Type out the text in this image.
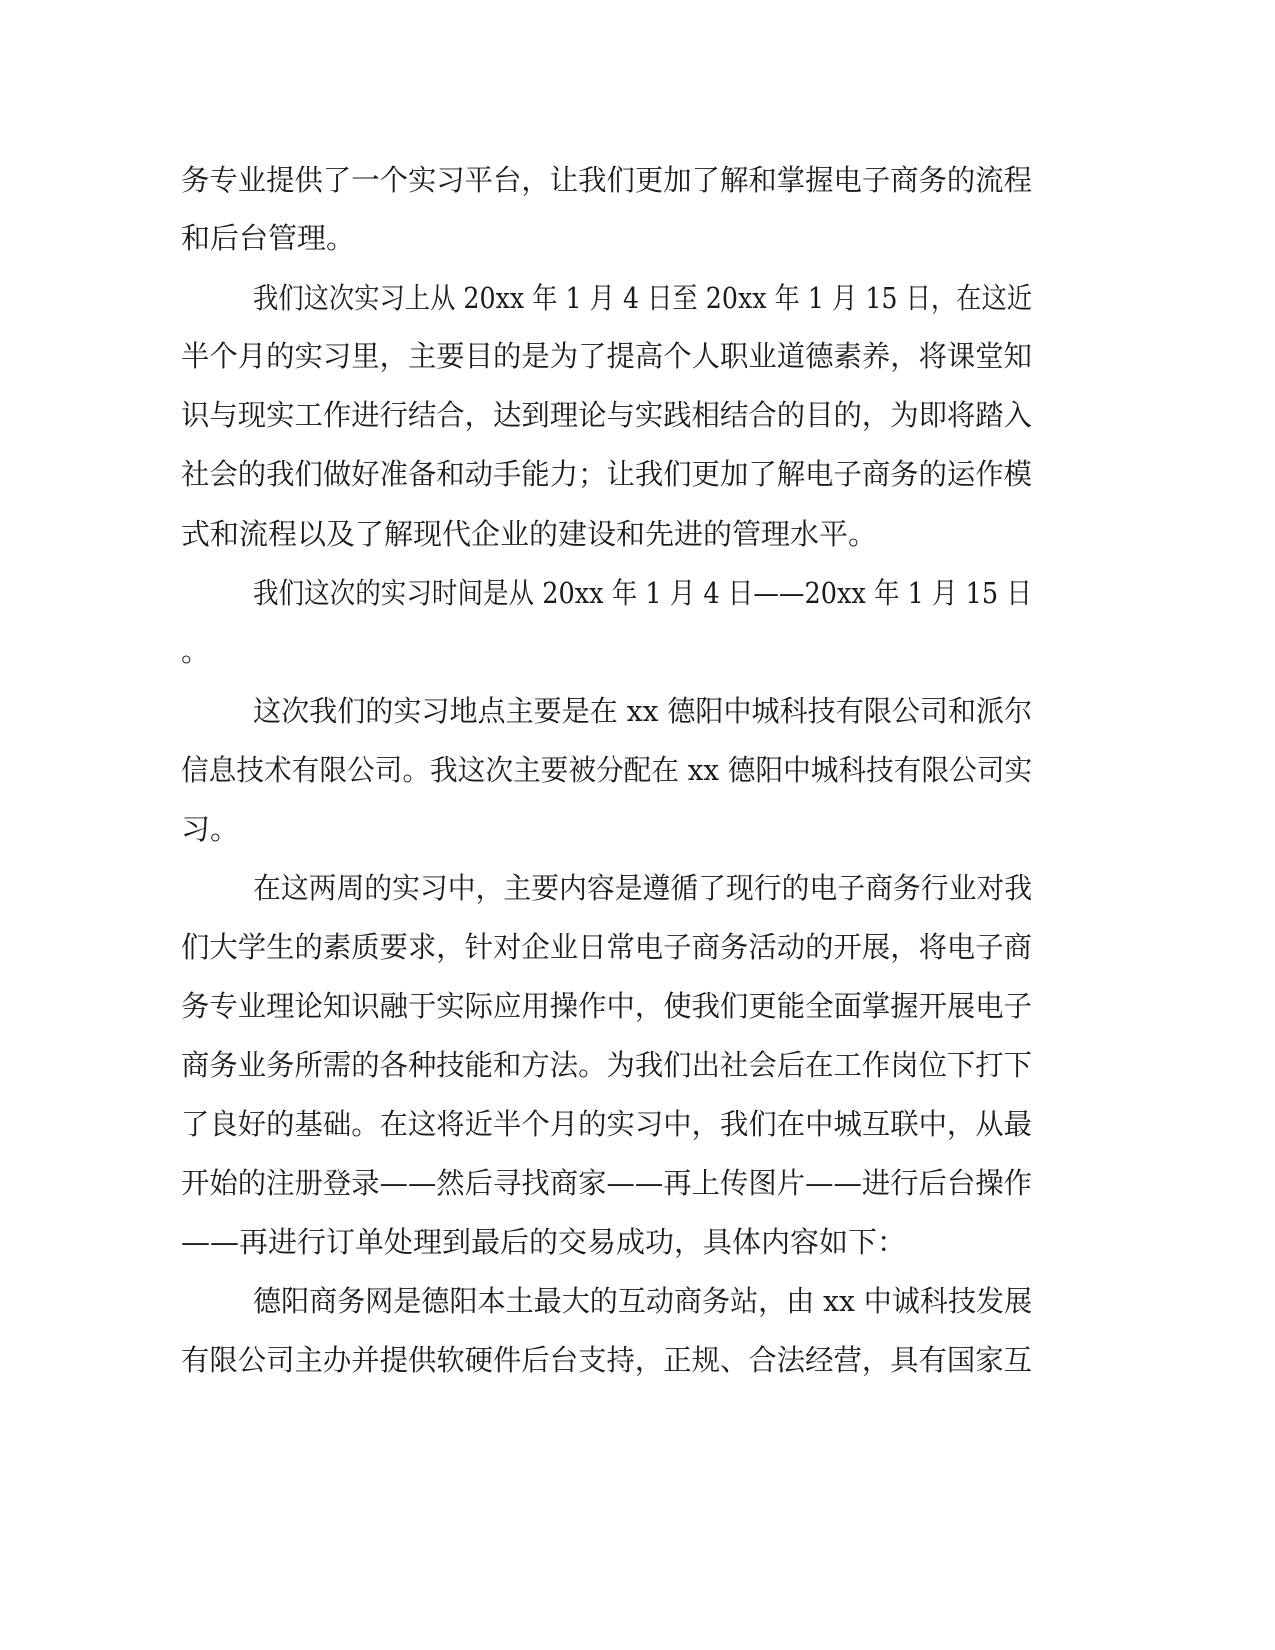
务专业提供了一个实习平台，让我们更加了解和掌握电子商务的流程

和后台管理。

我们这次实习上从 20xx 年 1 月 4 日至 20xx 年 1 月 15 日，在这近

半个月的实习里，主要目的是为了提高个人职业道德素养，将课堂知

识与现实工作进行结合，达到理论与实践相结合的目的，为即将踏入

社会的我们做好准备和动手能力；让我们更加了解电子商务的运作模

式和流程以及了解现代企业的建设和先进的管理水平。

我们这次的实习时间是从 20xx 年 1 月 4 日——20xx 年 1 月 15 日

。

这次我们的实习地点主要是在 xx 德阳中城科技有限公司和派尔

信息技术有限公司。我这次主要被分配在 xx 德阳中城科技有限公司实

习。

在这两周的实习中，主要内容是遵循了现行的电子商务行业对我

们大学生的素质要求，针对企业日常电子商务活动的开展，将电子商

务专业理论知识融于实际应用操作中，使我们更能全面掌握开展电子

商务业务所需的各种技能和方法。为我们出社会后在工作岗位下打下

了良好的基础。在这将近半个月的实习中，我们在中城互联中，从最

开始的注册登录——然后寻找商家——再上传图片——进行后台操作

——再进行订单处理到最后的交易成功，具体内容如下：

德阳商务网是德阳本土最大的互动商务站，由 xx 中诚科技发展

有限公司主办并提供软硬件后台支持，正规、合法经营，具有国家互
